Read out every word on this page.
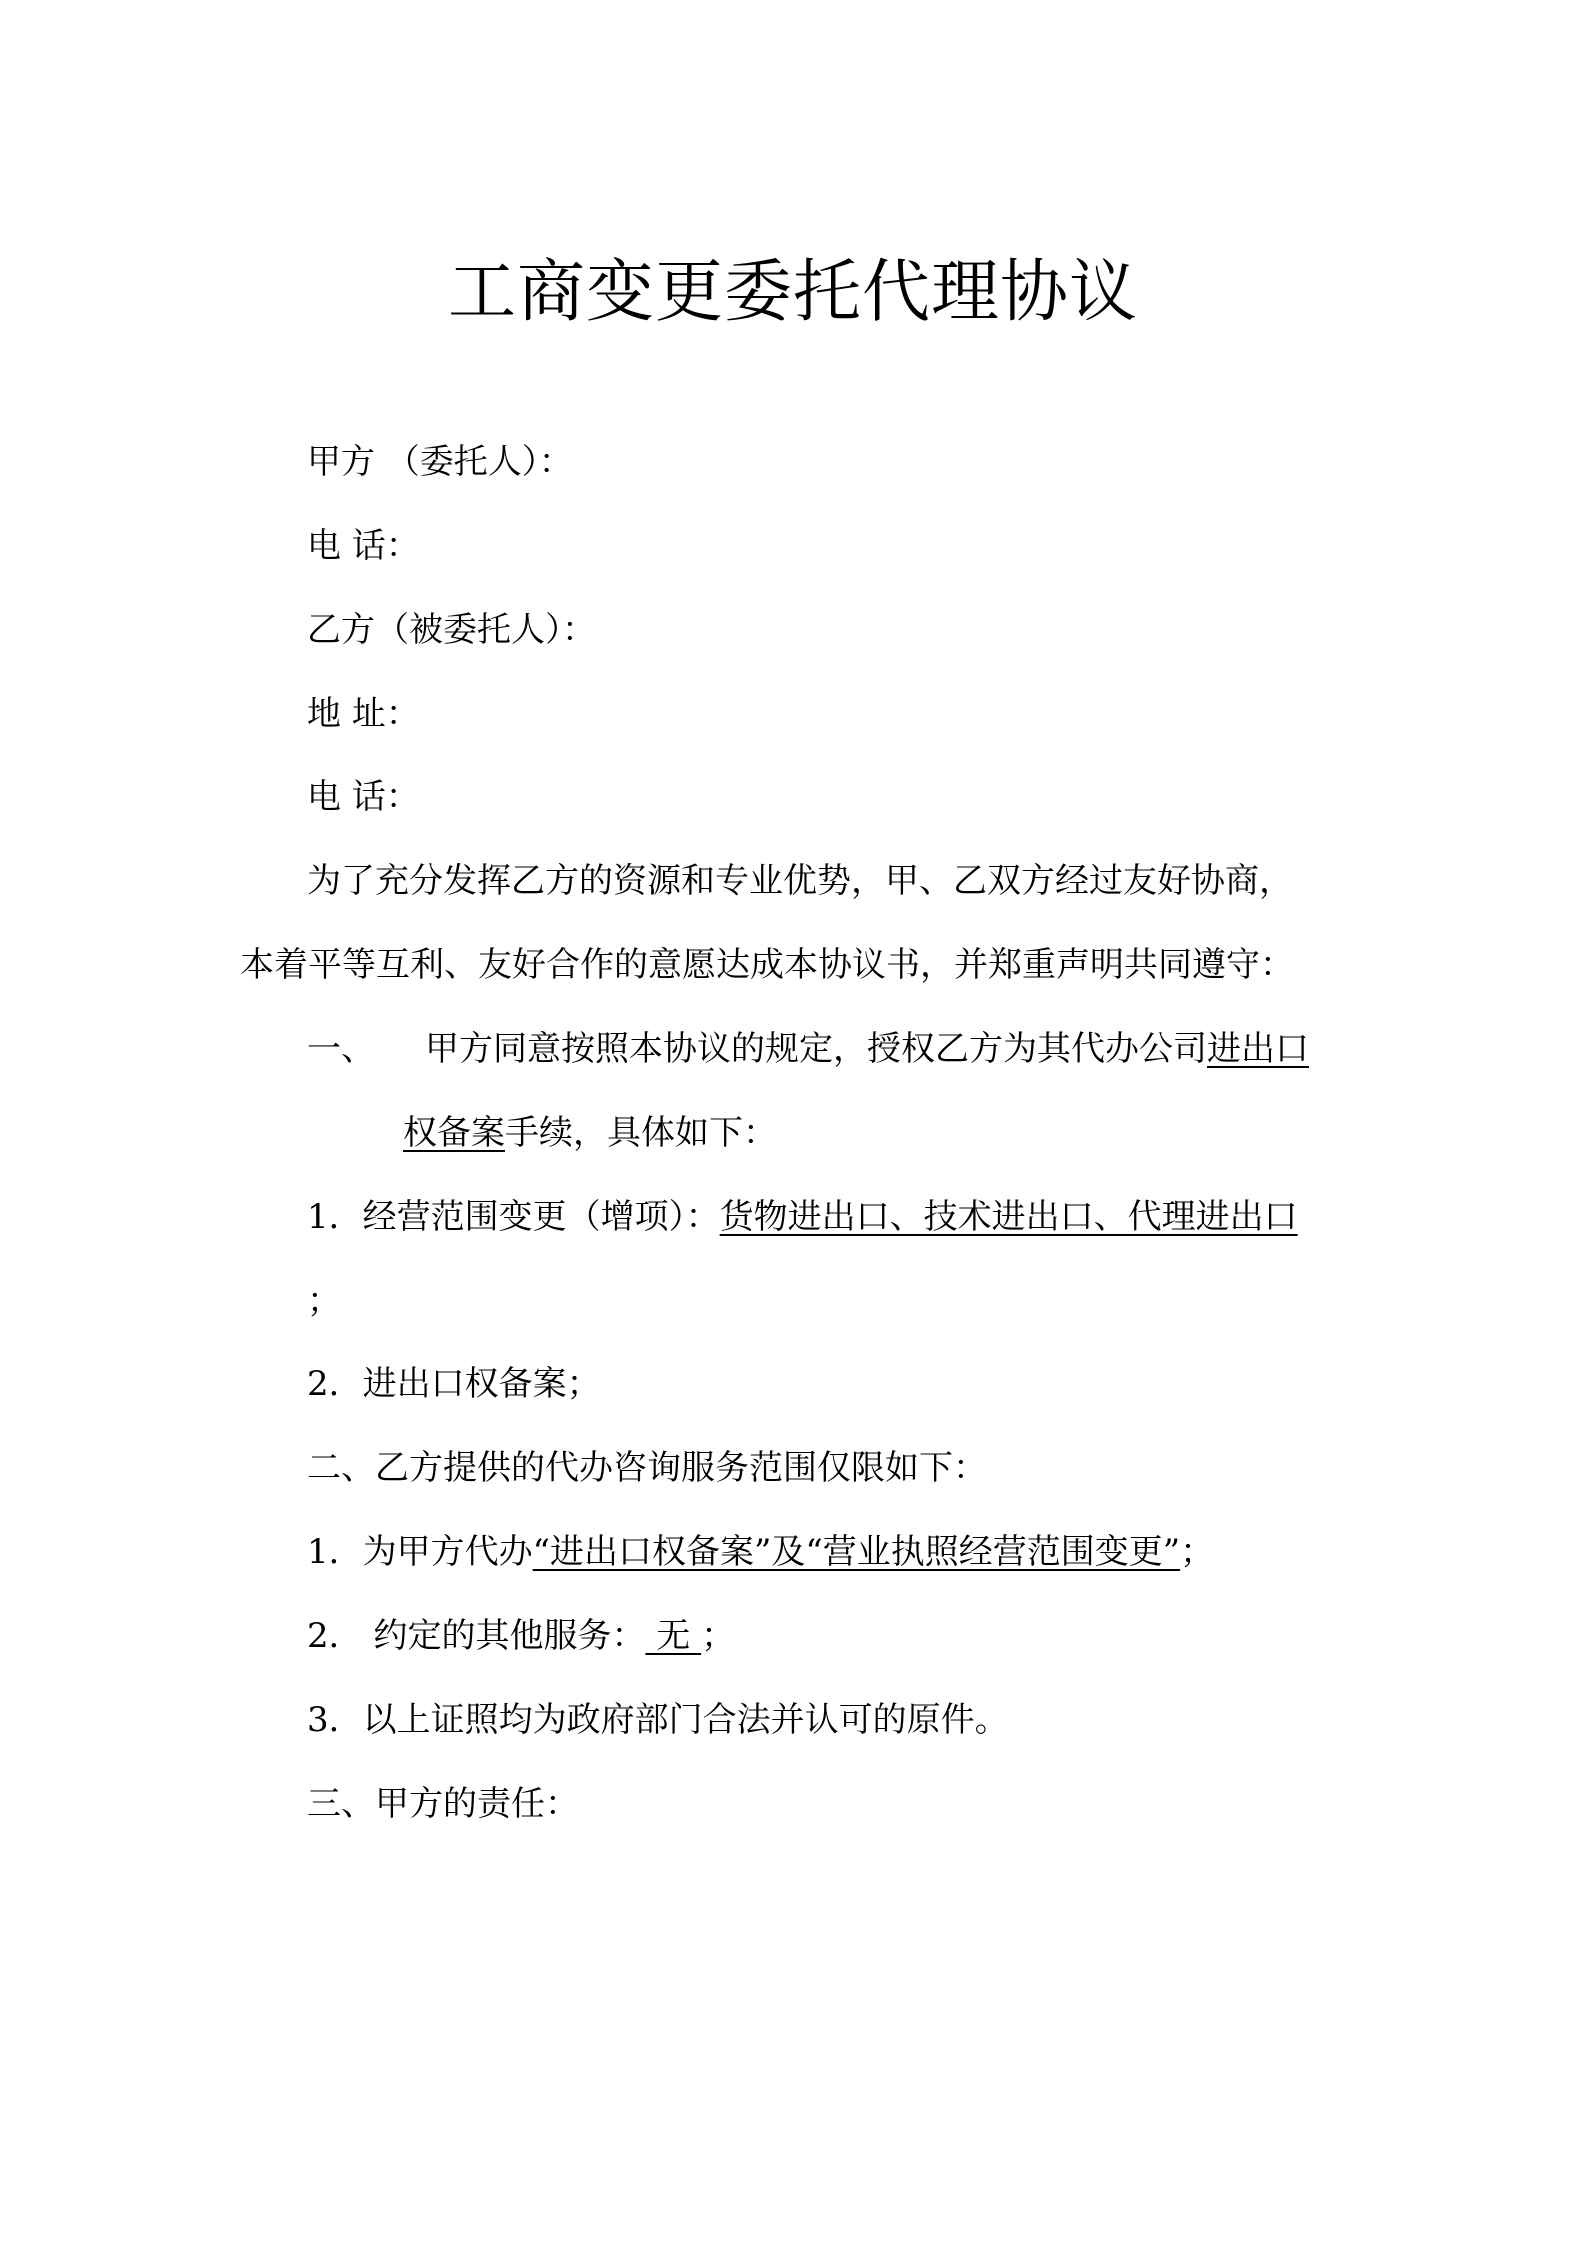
工商变更委托代理协议
甲方 （委托人）：
电 话：
乙方（被委托人）：
地 址：
电 话：
为了充分发挥乙方的资源和专业优势，甲、乙双方经过友好协商，
本着平等互利、友好合作的意愿达成本协议书，并郑重声明共同遵守：
一、 甲方同意按照本协议的规定，授权乙方为其代办公司进出口
权备案手续，具体如下：
1．经营范围变更（增项）：货物进出口、技术进出口、代理进出口
；
2．进出口权备案；
二、乙方提供的代办咨询服务范围仅限如下：
1．为甲方代办“进出口权备案”及“营业执照经营范围变更”；
2． 约定的其他服务： 无 ；
3．以上证照均为政府部门合法并认可的原件。
三、甲方的责任：
